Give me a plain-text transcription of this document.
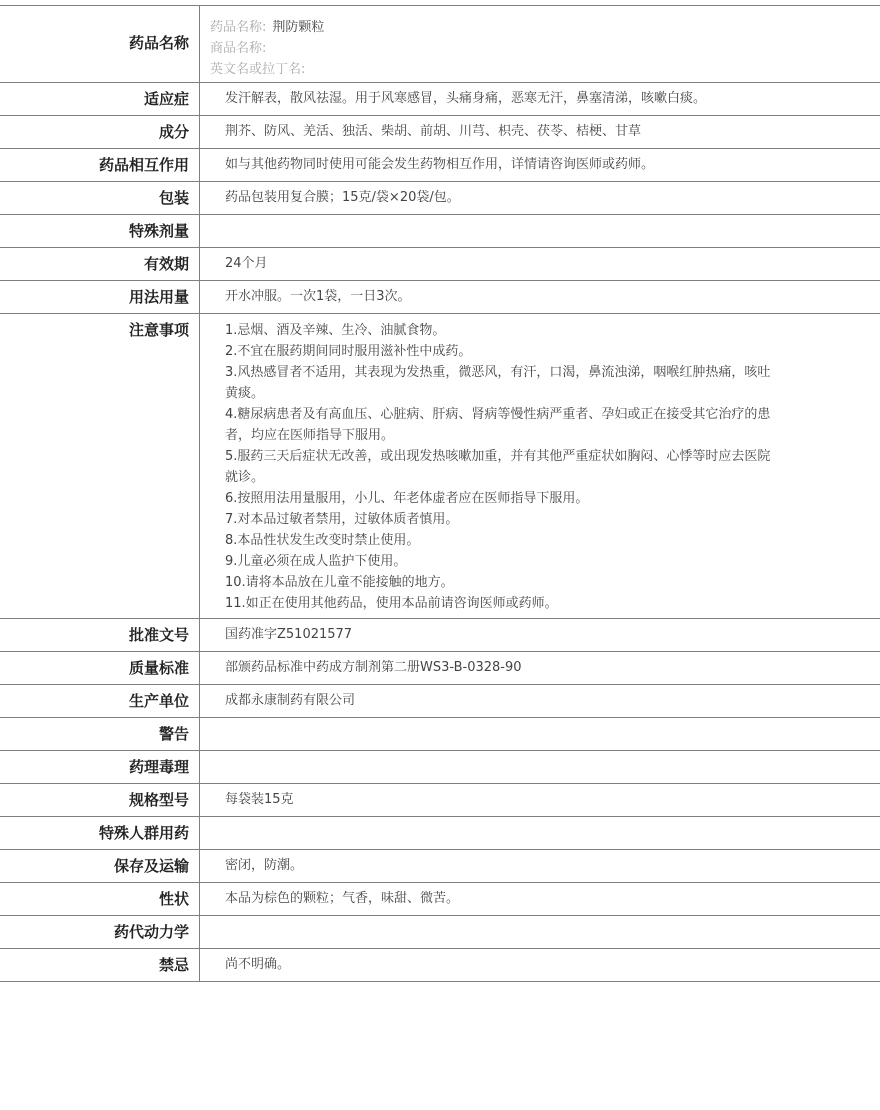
药品名称
药品名称: 荆防颗粒
商品名称:
英文名或拉丁名:
适应症	发汗解表，散风祛湿。用于风寒感冒，头痛身痛，恶寒无汗，鼻塞清涕，咳嗽白痰。
成分	荆芥、防风、羌活、独活、柴胡、前胡、川芎、枳壳、茯苓、桔梗、甘草
药品相互作用	如与其他药物同时使用可能会发生药物相互作用，详情请咨询医师或药师。
包装	药品包装用复合膜；15克/袋×20袋/包。
特殊剂量
有效期	24个月
用法用量	开水冲服。一次1袋，一日3次。
注意事项	1.忌烟、酒及辛辣、生冷、油腻食物。
2.不宜在服药期间同时服用滋补性中成药。
3.风热感冒者不适用，其表现为发热重，微恶风，有汗，口渴，鼻流浊涕，咽喉红肿热痛，咳吐黄痰。
4.糖尿病患者及有高血压、心脏病、肝病、肾病等慢性病严重者、孕妇或正在接受其它治疗的患者，均应在医师指导下服用。
5.服药三天后症状无改善，或出现发热咳嗽加重，并有其他严重症状如胸闷、心悸等时应去医院就诊。
6.按照用法用量服用，小儿、年老体虚者应在医师指导下服用。
7.对本品过敏者禁用，过敏体质者慎用。
8.本品性状发生改变时禁止使用。
9.儿童必须在成人监护下使用。
10.请将本品放在儿童不能接触的地方。
11.如正在使用其他药品，使用本品前请咨询医师或药师。
批准文号	国药准字Z51021577
质量标准	部颁药品标准中药成方制剂第二册WS3-B-0328-90
生产单位	成都永康制药有限公司
警告
药理毒理
规格型号	每袋装15克
特殊人群用药
保存及运输	密闭，防潮。
性状	本品为棕色的颗粒；气香，味甜、微苦。
药代动力学
禁忌	尚不明确。
